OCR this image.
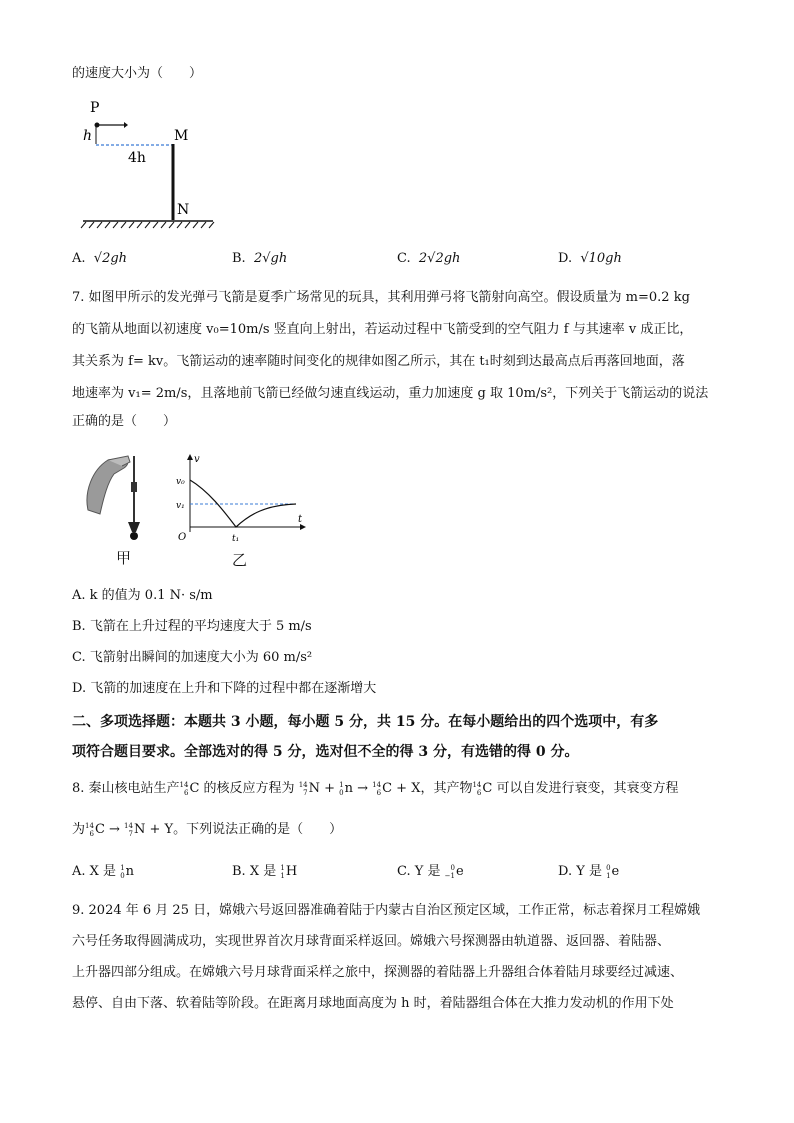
的速度大小为（　　）
P
h
4h
M
N
A. √2gh	B. 2√gh	C. 2√2gh	D. √10gh
7. 如图甲所示的发光弹弓飞箭是夏季广场常见的玩具，其利用弹弓将飞箭射向高空。假设质量为 m=0.2 kg
的飞箭从地面以初速度 v₀=10m/s 竖直向上射出，若运动过程中飞箭受到的空气阻力 f 与其速率 v 成正比，
其关系为 f= kv。飞箭运动的速率随时间变化的规律如图乙所示，其在 t₁时刻到达最高点后再落回地面，落
地速率为 v₁= 2m/s，且落地前飞箭已经做匀速直线运动，重力加速度 g 取 10m/s²，下列关于飞箭运动的说法
正确的是（　　）
甲
v
v₀
v₁
O	t₁
t
乙
A. k 的值为 0.1 N· s/m
B. 飞箭在上升过程的平均速度大于 5 m/s
C. 飞箭射出瞬间的加速度大小为 60 m/s²
D. 飞箭的加速度在上升和下降的过程中都在逐渐增大
二、多项选择题：本题共 3 小题，每小题 5 分，共 15 分。在每小题给出的四个选项中，有多
项符合题目要求。全部选对的得 5 分，选对但不全的得 3 分，有选错的得 0 分。
8. 秦山核电站生产 14
6 C 的核反应方程为 14
7 N + 1
0 n → 14
6 C + X，其产物 14
6 C 可以自发进行衰变，其衰变方程
为 14
6 C → 14
7 N + Y。下列说法正确的是（　　）
A. X 是 1
0 n	B. X 是 1
1 H	C. Y 是 0
−1 e	D. Y 是 0
1 e
9. 2024 年 6 月 25 日，嫦娥六号返回器准确着陆于内蒙古自治区预定区域，工作正常，标志着探月工程嫦娥
六号任务取得圆满成功，实现世界首次月球背面采样返回。嫦娥六号探测器由轨道器、返回器、着陆器、
上升器四部分组成。在嫦娥六号月球背面采样之旅中，探测器的着陆器上升器组合体着陆月球要经过减速、
悬停、自由下落、软着陆等阶段。在距离月球地面高度为 h 时，着陆器组合体在大推力发动机的作用下处
